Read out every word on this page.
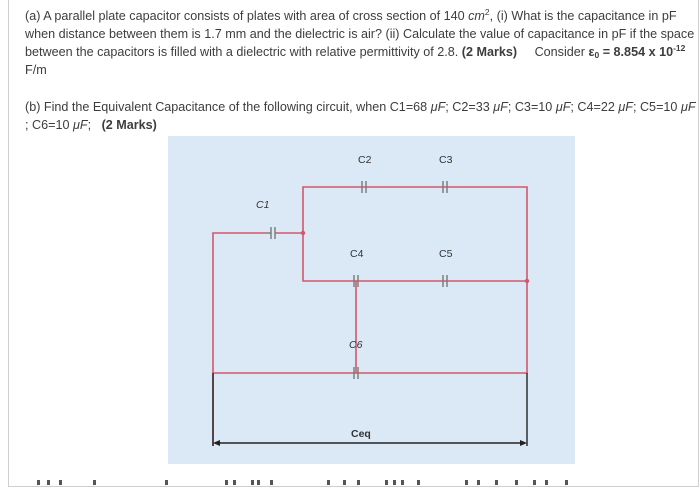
(a) A parallel plate capacitor consists of plates with area of cross section of 140 $cm^2$, (i) What is the capacitance in pF when distance between them is 1.7 mm and the dielectric is air? (ii) Calculate the value of capacitance in pF if the space between the capacitors is filled with a dielectric with relative permittivity of 2.8. (2 Marks) Consider $\varepsilon_0 = 8.854$ x $10^{-12}$ F/m
(b) Find the Equivalent Capacitance of the following circuit, when C1=68 μF; C2=33 μF; C3=10 μF; C4=22 μF; C5=10 μF
; C6=10 μF;   (2 Marks)
C1
C2	C3
C4	C5
C6
Ceq
